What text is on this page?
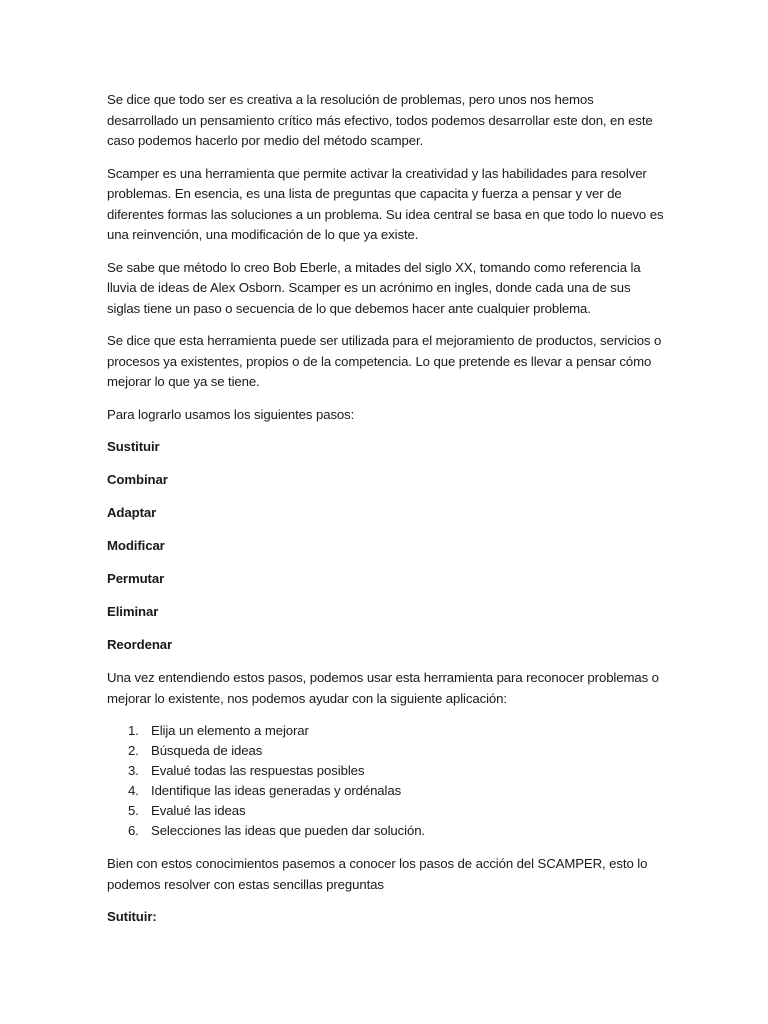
Se dice que todo ser es creativa a la resolución de problemas, pero unos nos hemos desarrollado un pensamiento crítico más efectivo, todos podemos desarrollar este don, en este caso podemos hacerlo por medio del método scamper.

Scamper es una herramienta que permite activar la creatividad y las habilidades para resolver problemas. En esencia, es una lista de preguntas que capacita y fuerza a pensar y ver de diferentes formas las soluciones a un problema. Su idea central se basa en que todo lo nuevo es una reinvención, una modificación de lo que ya existe.

Se sabe que método lo creo Bob Eberle, a mitades del siglo XX, tomando como referencia la lluvia de ideas de Alex Osborn. Scamper es un acrónimo en ingles, donde cada una de sus siglas tiene un paso o secuencia de lo que debemos hacer ante cualquier problema.

Se dice que esta herramienta puede ser utilizada para el mejoramiento de productos, servicios o procesos ya existentes, propios o de la competencia. Lo que pretende es llevar a pensar cómo mejorar lo que ya se tiene.

Para lograrlo usamos los siguientes pasos:

Sustituir

Combinar

Adaptar

Modificar

Permutar

Eliminar

Reordenar

Una vez entendiendo estos pasos, podemos usar esta herramienta para reconocer problemas o mejorar lo existente, nos podemos ayudar con la siguiente aplicación:

1. Elija un elemento a mejorar
2. Búsqueda de ideas
3. Evalué todas las respuestas posibles
4. Identifique las ideas generadas y ordénalas
5. Evalué las ideas
6. Selecciones las ideas que pueden dar solución.

Bien con estos conocimientos pasemos a conocer los pasos de acción del SCAMPER, esto lo podemos resolver con estas sencillas preguntas

Sutituir:
